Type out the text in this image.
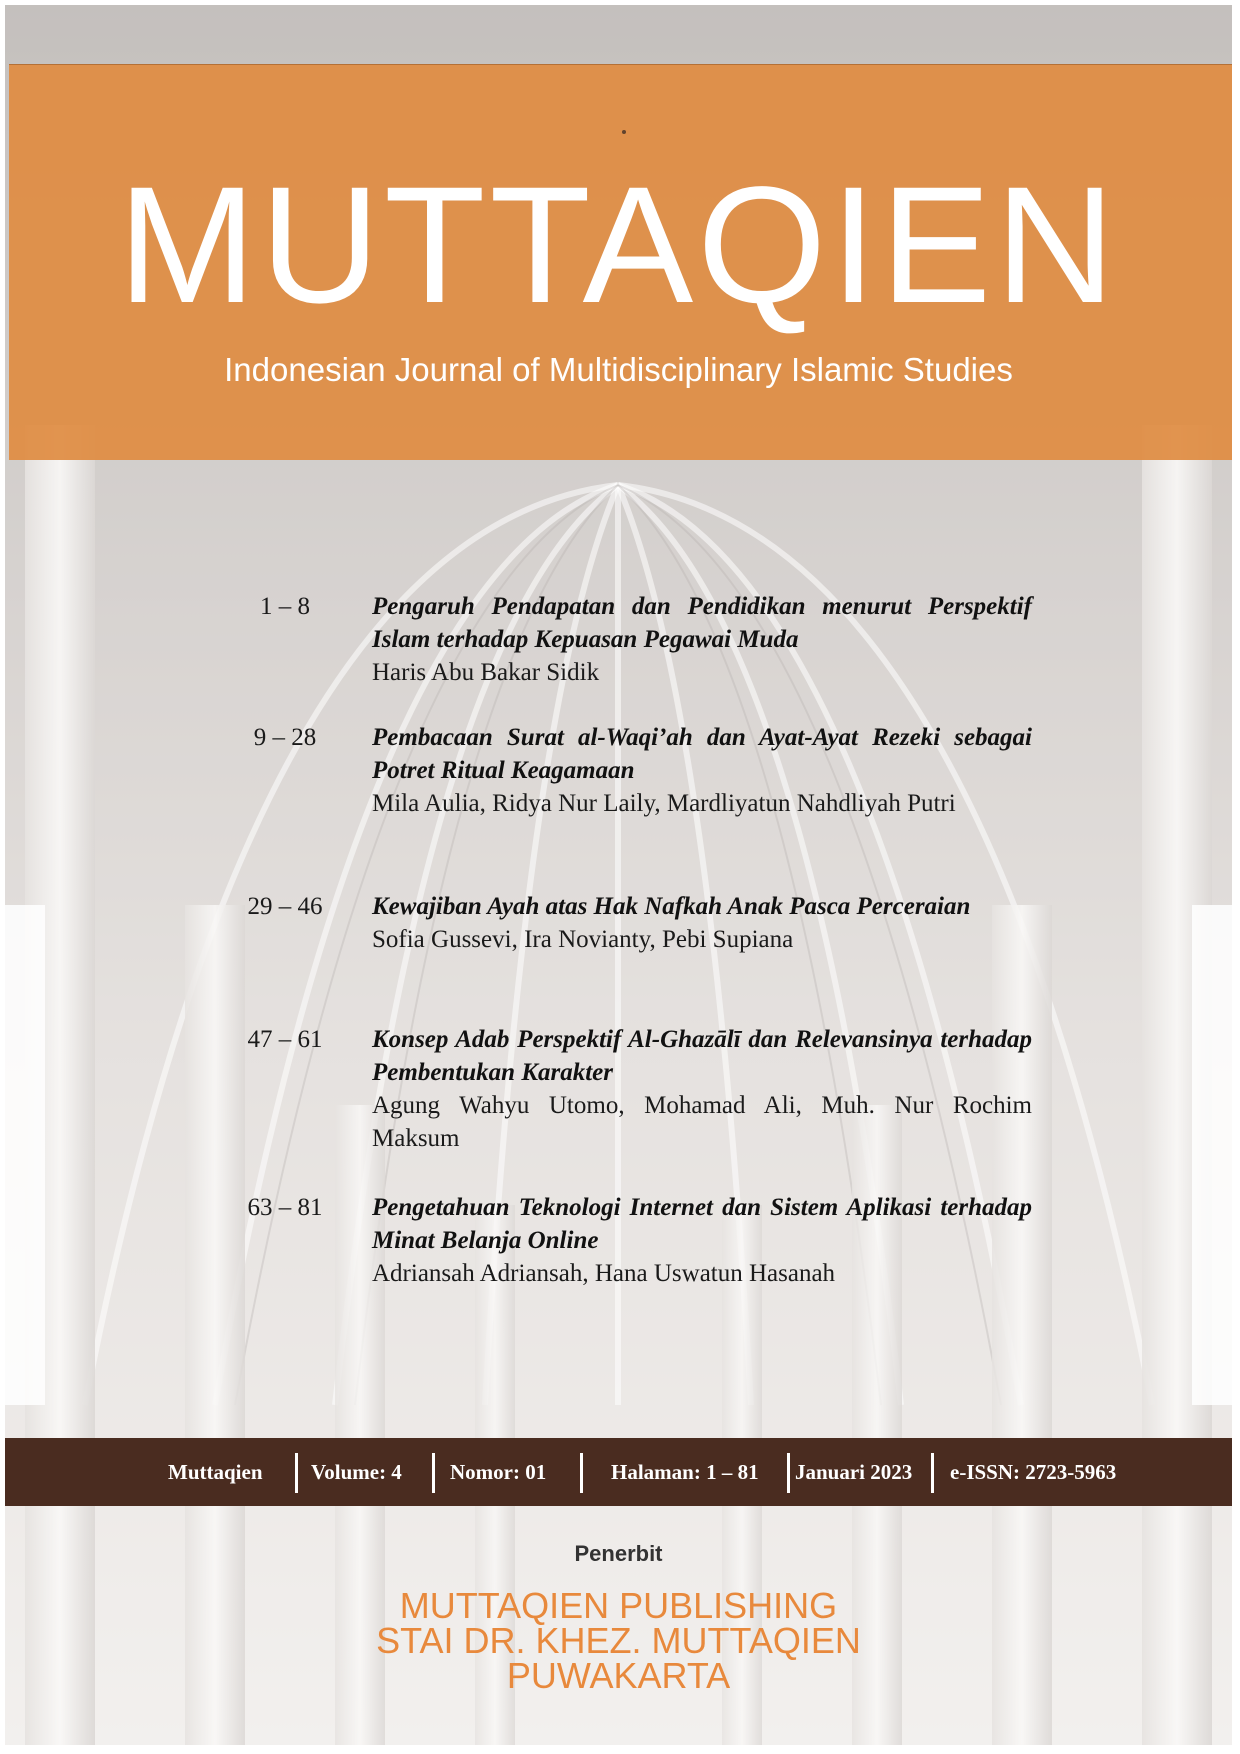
MUTTAQIEN
Indonesian Journal of Multidisciplinary Islamic Studies
1 – 8	Pengaruh Pendapatan dan Pendidikan menurut Perspektif Islam terhadap Kepuasan Pegawai Muda
Haris Abu Bakar Sidik
9 – 28	Pembacaan Surat al-Waqi’ah dan Ayat-Ayat Rezeki sebagai Potret Ritual Keagamaan
Mila Aulia, Ridya Nur Laily, Mardliyatun Nahdliyah Putri
29 – 46	Kewajiban Ayah atas Hak Nafkah Anak Pasca Perceraian
Sofia Gussevi, Ira Novianty, Pebi Supiana
47 – 61	Konsep Adab Perspektif Al-Ghazālī dan Relevansinya terhadap Pembentukan Karakter
Agung Wahyu Utomo, Mohamad Ali, Muh. Nur Rochim Maksum
63 – 81	Pengetahuan Teknologi Internet dan Sistem Aplikasi terhadap Minat Belanja Online
Adriansah Adriansah, Hana Uswatun Hasanah
Muttaqien Volume: 4 Nomor: 01	Halaman: 1 – 81 Januari 2023 e-ISSN: 2723-5963
Penerbit
MUTTAQIEN PUBLISHING
STAI DR. KHEZ. MUTTAQIEN
PUWAKARTA
